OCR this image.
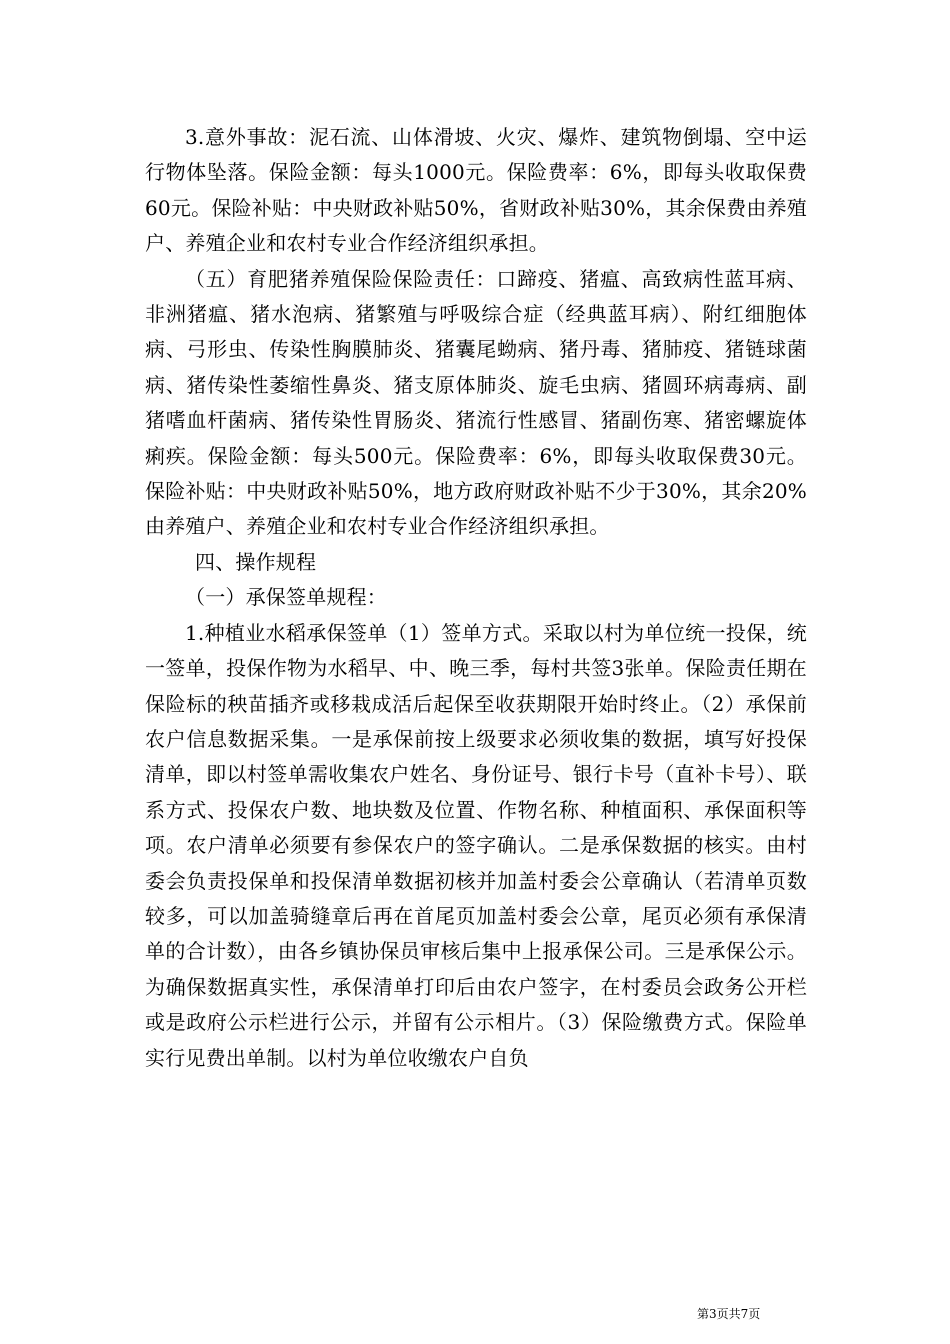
3.意外事故：泥石流、山体滑坡、火灾、爆炸、建筑物倒塌、空中运行物体坠落。保险金额：每头1000元。保险费率：6%，即每头收取保费60元。保险补贴：中央财政补贴50%，省财政补贴30%，其余保费由养殖户、养殖企业和农村专业合作经济组织承担。

（五）育肥猪养殖保险保险责任：口蹄疫、猪瘟、高致病性蓝耳病、非洲猪瘟、猪水泡病、猪繁殖与呼吸综合症（经典蓝耳病）、附红细胞体病、弓形虫、传染性胸膜肺炎、猪囊尾蚴病、猪丹毒、猪肺疫、猪链球菌病、猪传染性萎缩性鼻炎、猪支原体肺炎、旋毛虫病、猪圆环病毒病、副猪嗜血杆菌病、猪传染性胃肠炎、猪流行性感冒、猪副伤寒、猪密螺旋体痢疾。保险金额：每头500元。保险费率：6%，即每头收取保费30元。保险补贴：中央财政补贴50%，地方政府财政补贴不少于30%，其余20%由养殖户、养殖企业和农村专业合作经济组织承担。

四、操作规程

（一）承保签单规程：

1.种植业水稻承保签单（1）签单方式。采取以村为单位统一投保，统一签单，投保作物为水稻早、中、晚三季，每村共签3张单。保险责任期在保险标的秧苗插齐或移栽成活后起保至收获期限开始时终止。（2）承保前农户信息数据采集。一是承保前按上级要求必须收集的数据，填写好投保清单，即以村签单需收集农户姓名、身份证号、银行卡号（直补卡号）、联系方式、投保农户数、地块数及位置、作物名称、种植面积、承保面积等项。农户清单必须要有参保农户的签字确认。二是承保数据的核实。由村委会负责投保单和投保清单数据初核并加盖村委会公章确认（若清单页数较多，可以加盖骑缝章后再在首尾页加盖村委会公章，尾页必须有承保清单的合计数），由各乡镇协保员审核后集中上报承保公司。三是承保公示。为确保数据真实性，承保清单打印后由农户签字，在村委员会政务公开栏或是政府公示栏进行公示，并留有公示相片。（3）保险缴费方式。保险单实行见费出单制。以村为单位收缴农户自负

第3页共7页
